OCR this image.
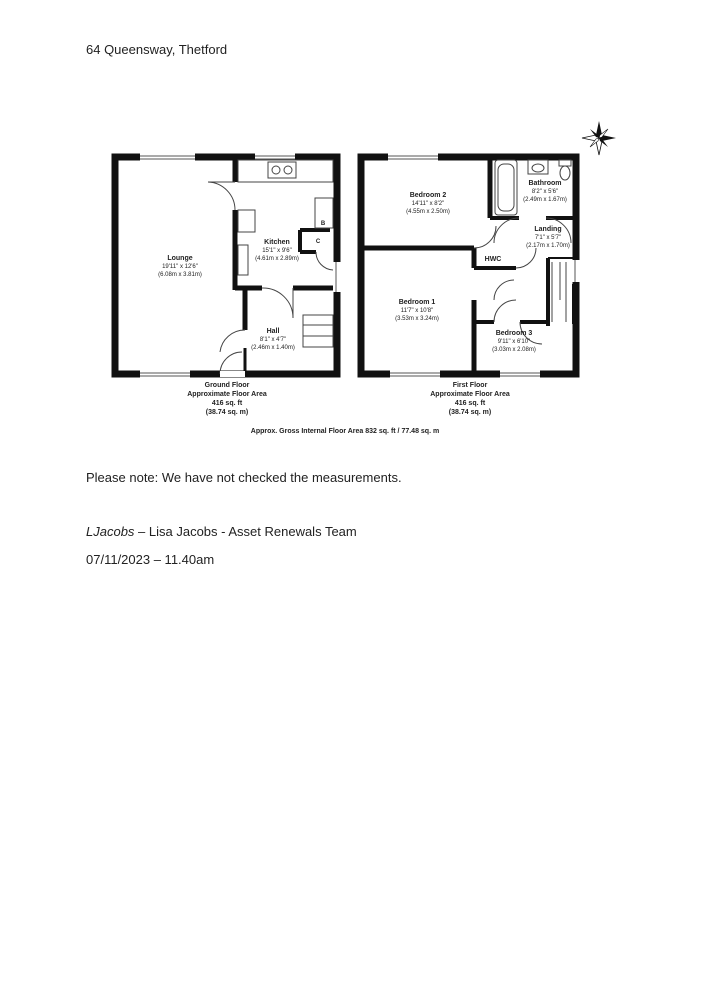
64 Queensway, Thetford
Lounge
19'11" x 12'6"
(6.08m x 3.81m)
Kitchen
15'1" x 9'6"
(4.61m x 2.89m)
Hall
8'1" x 4'7"
(2.46m x 1.40m)
B
C
Ground Floor
Approximate Floor Area
416 sq. ft
(38.74 sq. m)
Bedroom 2
14'11" x 8'2"
(4.55m x 2.50m)
Bathroom
8'2" x 5'6"
(2.49m x 1.67m)
Landing
7'1" x 5'7"
(2.17m x 1.70m)
HWC
Bedroom 1
11'7" x 10'8"
(3.53m x 3.24m)
Bedroom 3
9'11" x 6'10"
(3.03m x 2.08m)
First Floor
Approximate Floor Area
416 sq. ft
(38.74 sq. m)
Approx. Gross Internal Floor Area 832 sq. ft / 77.48 sq. m
Please note: We have not checked the measurements.
LJacobs – Lisa Jacobs - Asset Renewals Team
07/11/2023 – 11.40am
